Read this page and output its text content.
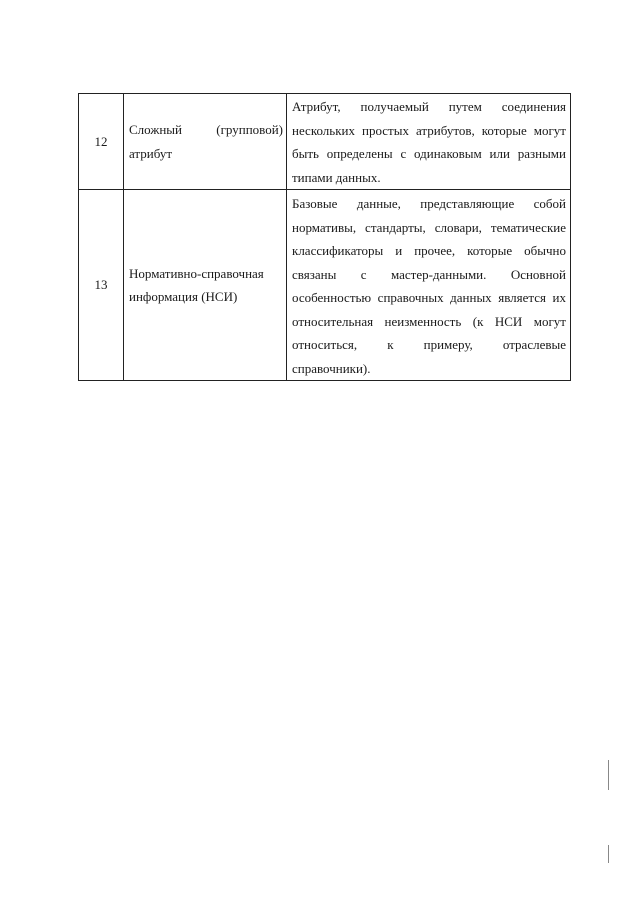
12	Сложный (групповой) атрибут	Атрибут, получаемый путем соединения нескольких простых атрибутов, которые могут быть определены с одинаковым или разными типами данных.
13	Нормативно-справочная информация (НСИ)	Базовые данные, представляющие собой нормативы, стандарты, словари, тематические классификаторы и прочее, которые обычно связаны с мастер-данными. Основной особенностью справочных данных является их относительная неизменность (к НСИ могут относиться, к примеру, отраслевые справочники).
